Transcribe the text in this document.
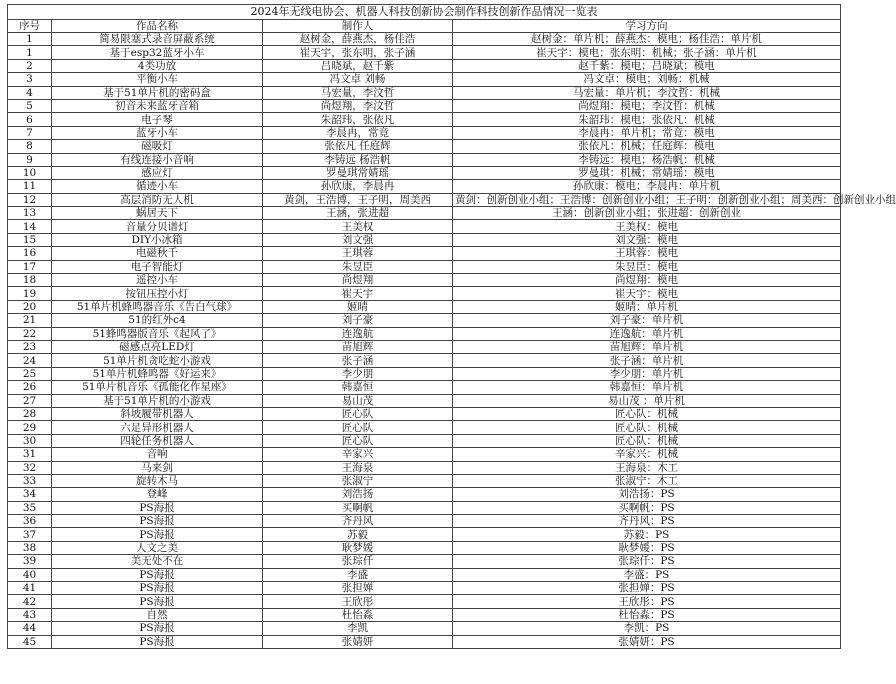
2024年无线电协会、机器人科技创新协会制作科技创新作品情况一览表			
序号	作品名称	制作人	学习方向
1	简易限塞式录音屏蔽系统	赵树金，薛燕杰，杨佳浩	赵树金：单片机；薛燕杰：模电；杨佳浩：单片机
1	基于esp32蓝牙小车	崔天宇，张东明，张子涵	崔天宇：模电；张东明：机械；张子涵：单片机
2	4类功放	吕晓斌，赵千紫	赵千紫：模电；吕晓斌：模电
3	平衡小车	冯文卓 刘畅	冯文卓：模电；刘畅：机械
4	基于51单片机的密码盒	马宏量，李汶哲	马宏量：单片机；李汶哲：机械
5	初音未来蓝牙音箱	尚煜翔，李汶哲	尚煜翔：模电；李汶哲：机械
6	电子琴	朱韶玮，张依凡	朱韶玮：模电；张依凡：机械
7	蓝牙小车	李晨冉，常竟	李晨冉：单片机；常竟：模电
8	磁吸灯	张依凡 任庭辉	张依凡：机械；任庭辉：模电
9	有线连接小音响	李铸远 杨浩帆	李铸远：模电；杨浩帆：机械
10	感应灯	罗曼琪常婧瑶	罗曼琪：机械；常婧瑶：模电
11	循迹小车	孙欣康，李晨冉	孙欣康：模电；李晨冉：单片机
12	高层消防无人机	黄剑，王浩博，王子明，周美西	黄剑：创新创业小组；王浩博：创新创业小组；王子明：创新创业小组；周美西：创新创业小组
13	蜗居天下	王涵，张进超	王涵：创新创业小组；张进超：创新创业
14	音量分贝谱灯	王美权	王美权：模电
15	DIY小冰箱	刘文强	刘文强：模电
16	电磁秋千	王琪蓉	王琪蓉：模电
17	电子智能灯	朱昱臣	朱昱臣：模电
18	遥控小车	尚煜翔	尚煜翔：模电
19	按钮压控小灯	崔天宇	崔天宇：模电
20	51单片机蜂鸣器音乐《告白气球》	姬晴	姬晴：单片机
21	51的红外c4	刘子豪	刘子豪：单片机
22	51蜂鸣器版音乐《起风了》	连逸航	连逸航：单片机
23	磁感点亮LED灯	苗旭辉	苗旭辉：单片机
24	51单片机贪吃蛇小游戏	张子涵	张子涵：单片机
25	51单片机蜂鸣器《好运来》	李少朋	李少朋：单片机
26	51单片机音乐《孤能化作星座》	韩嘉恒	韩嘉恒：单片机
27	基于51单片机的小游戏	易山茂	易山茂 ：单片机
28	斜坡履带机器人	匠心队	匠心队：机械
29	六足异形机器人	匠心队	匠心队：机械
30	四轮任务机器人	匠心队	匠心队：机械
31	音响	辛家兴	辛家兴：机械
32	马来剑	王海泉	王海泉：木工
33	旋转木马	张淑宁	张淑宁：木工
34	登峰	刘浩扬	刘浩扬：PS
35	PS海报	买啊帆	买啊帆：PS
36	PS海报	齐丹风	齐丹风：PS
37	PS海报	苏毅	苏毅：PS
38	人文之美	耿梦媛	耿梦媛：PS
39	美无处不在	张琮仟	张琮仟：PS
40	PS海报	李盛	李盛：PS
41	PS海报	张担婵	张担婵：PS
42	PS海报	王欣彤	王欣彤：PS
43	自然	杜怡淼	杜怡淼：PS
44	PS海报	李凯	李凯：PS
45	PS海报	张婧妍	张婧妍：PS
